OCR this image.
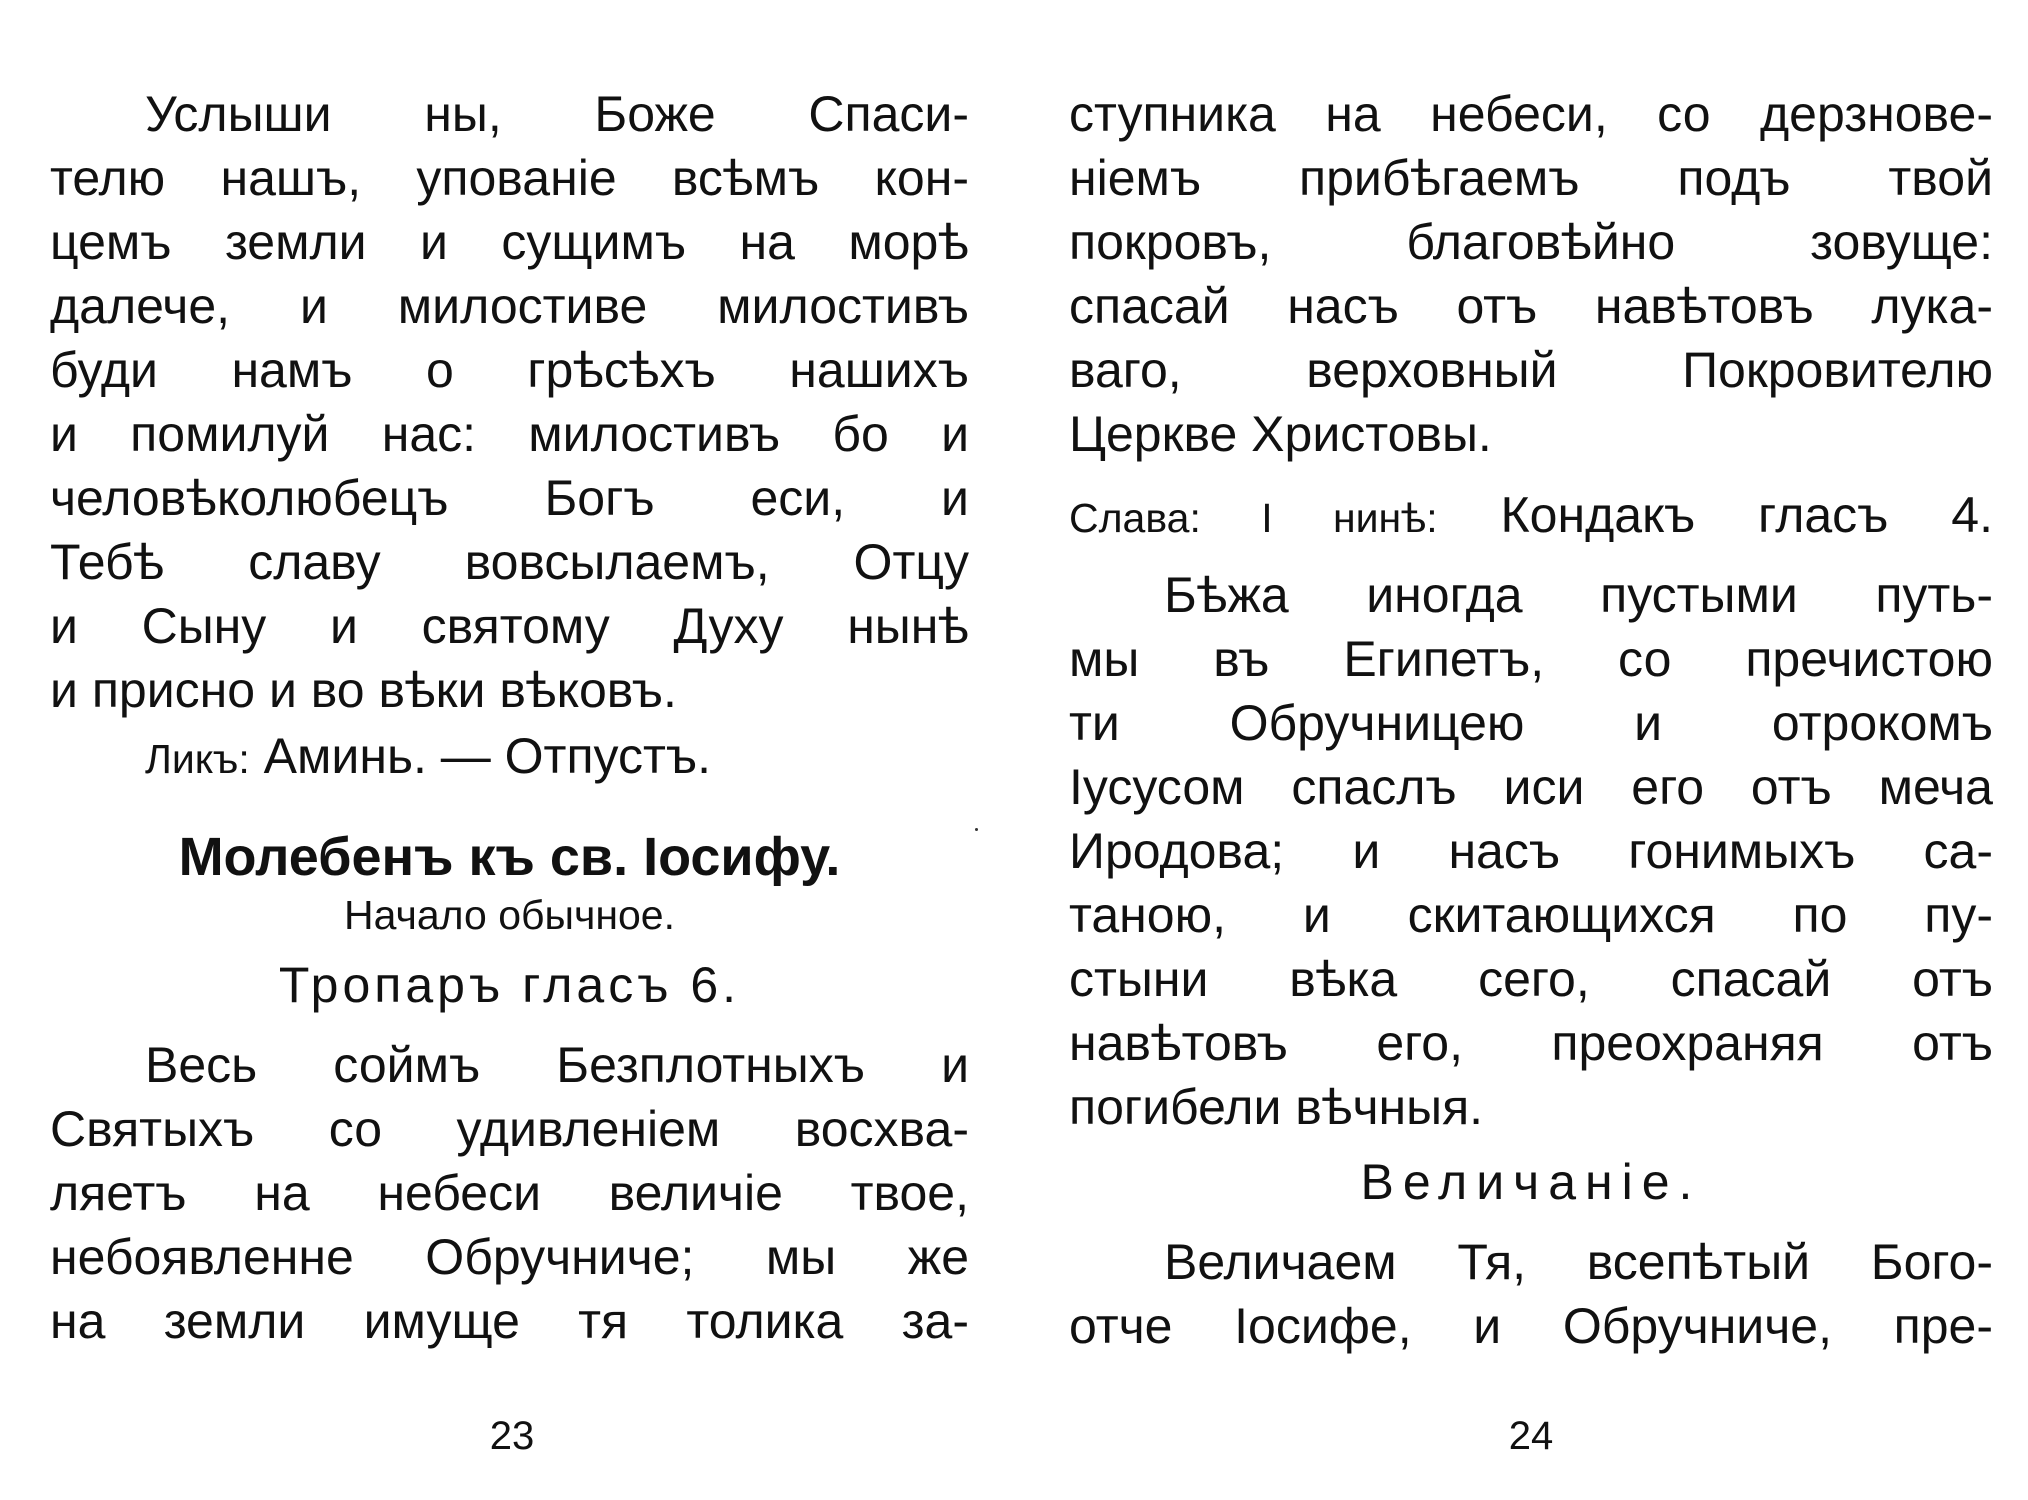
Услыши ны, Боже Спаси-

телю нашъ, упованіе всѣмъ кон-

цемъ земли и сущимъ на морѣ

далече, и милостиве милостивъ

буди намъ о грѣсѣхъ нашихъ

и помилуй нас: милостивъ бо и

человѣколюбецъ Богъ еси, и

Тебѣ славу вовсылаемъ, Отцу

и Сыну и святому Духу нынѣ

и присно и во вѣки вѣковъ.

Ликъ: Аминь. — Отпустъ.

Молебенъ къ св. Іосифу.

Начало обычное.

Тропаръ гласъ 6.

Весь соймъ Безплотныхъ и

Святыхъ со удивленіем восхва-

ляетъ на небеси величіе твое,

небоявленне Обручниче; мы же

на земли имуще тя толика за-

23

ступника на небеси, со дерзнове-

ніемъ прибѣгаемъ подъ твой

покровъ, благовѣйно зовуще:

спасай насъ отъ навѣтовъ лука-

ваго, верховный Покровителю

Церкве Христовы.

Слава: І нинѣ: Кондакъ гласъ 4.

Бѣжа иногда пустыми путь-

мы въ Египетъ, со пречистою

ти Обручницею и отрокомъ

Іусусом спаслъ иси его отъ меча

Иродова; и насъ гонимыхъ са-

таною, и скитающихся по пу-

стыни вѣка сего, спасай отъ

навѣтовъ его, преохраняя отъ

погибели вѣчныя.

Величаніе.

Величаем Тя, всепѣтый Бого-

отче Іосифе, и Обручниче, пре-

24
